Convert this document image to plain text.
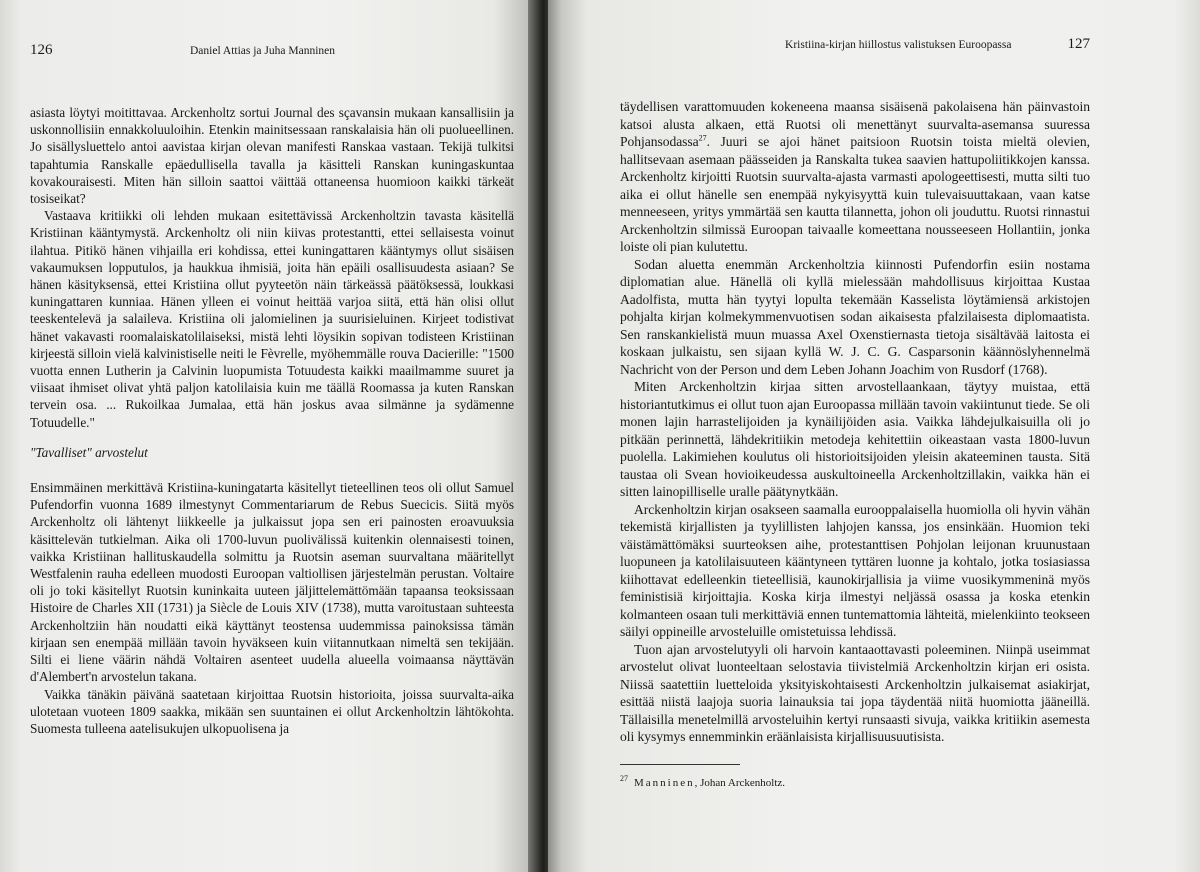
126	Daniel Attias ja Juha Manninen

asiasta löytyi moitittavaa. Arckenholtz sortui Journal des sçavansin mukaan kansallisiin ja uskonnollisiin ennakkoluuloihin. Etenkin mainitsessaan ranskalaisia hän oli puolueellinen. Jo sisällysluettelo antoi aavistaa kirjan olevan manifesti Ranskaa vastaan. Tekijä tulkitsi tapahtumia Ranskalle epäedullisella tavalla ja käsitteli Ranskan kuningaskuntaa kovakouraisesti. Miten hän silloin saattoi väittää ottaneensa huomioon kaikki tärkeät tosiseikat?

Vastaava kritiikki oli lehden mukaan esitettävissä Arckenholtzin tavasta käsitellä Kristiinan kääntymystä. Arckenholtz oli niin kiivas protestantti, ettei sellaisesta voinut ilahtua. Pitikö hänen vihjailla eri kohdissa, ettei kuningattaren kääntymys ollut sisäisen vakaumuksen lopputulos, ja haukkua ihmisiä, joita hän epäili osallisuudesta asiaan? Se hänen käsityksensä, ettei Kristiina ollut pyyteetön näin tärkeässä päätöksessä, loukkasi kuningattaren kunniaa. Hänen ylleen ei voinut heittää varjoa siitä, että hän olisi ollut teeskentelevä ja salaileva. Kristiina oli jalomielinen ja suurisieluinen. Kirjeet todistivat hänet vakavasti roomalaiskatolilaiseksi, mistä lehti löysikin sopivan todisteen Kristiinan kirjeestä silloin vielä kalvinistiselle neiti le Fèvrelle, myöhemmälle rouva Dacierille: "1500 vuotta ennen Lutherin ja Calvinin luopumista Totuudesta kaikki maailmamme suuret ja viisaat ihmiset olivat yhtä paljon katolilaisia kuin me täällä Roomassa ja kuten Ranskan tervein osa. ... Rukoilkaa Jumalaa, että hän joskus avaa silmänne ja sydämenne Totuudelle."

"Tavalliset" arvostelut

Ensimmäinen merkittävä Kristiina-kuningatarta käsitellyt tieteellinen teos oli ollut Samuel Pufendorfin vuonna 1689 ilmestynyt Commentariarum de Rebus Suecicis. Siitä myös Arckenholtz oli lähtenyt liikkeelle ja julkaissut jopa sen eri painosten eroavuuksia käsittelevän tutkielman. Aika oli 1700-luvun puolivälissä kuitenkin olennaisesti toinen, vaikka Kristiinan hallituskaudella solmittu ja Ruotsin aseman suurvaltana määritellyt Westfalenin rauha edelleen muodosti Euroopan valtiollisen järjestelmän perustan. Voltaire oli jo toki käsitellyt Ruotsin kuninkaita uuteen jäljittelemättömään tapaansa teoksissaan Histoire de Charles XII (1731) ja Siècle de Louis XIV (1738), mutta varoitustaan suhteesta Arckenholtziin hän noudatti eikä käyttänyt teostensa uudemmissa painoksissa tämän kirjaan sen enempää millään tavoin hyväkseen kuin viitannutkaan nimeltä sen tekijään. Silti ei liene väärin nähdä Voltairen asenteet uudella alueella voimaansa näyttävän d'Alembert'n arvostelun takana.

Vaikka tänäkin päivänä saatetaan kirjoittaa Ruotsin historioita, joissa suurvalta-aika ulotetaan vuoteen 1809 saakka, mikään sen suuntainen ei ollut Arckenholtzin lähtökohta. Suomesta tulleena aatelisukujen ulkopuolisena ja

Kristiina-kirjan hiillostus valistuksen Euroopassa	127

täydellisen varattomuuden kokeneena maansa sisäisenä pakolaisena hän päinvastoin katsoi alusta alkaen, että Ruotsi oli menettänyt suurvalta-asemansa suuressa Pohjansodassa$^{27}$. Juuri se ajoi hänet paitsioon Ruotsin toista mieltä olevien, hallitsevaan asemaan päässeiden ja Ranskalta tukea saavien hattupoliitikkojen kanssa. Arckenholtz kirjoitti Ruotsin suurvalta-ajasta varmasti apologeettisesti, mutta silti tuo aika ei ollut hänelle sen enempää nykyisyyttä kuin tulevaisuuttakaan, vaan katse menneeseen, yritys ymmärtää sen kautta tilannetta, johon oli jouduttu. Ruotsi rinnastui Arckenholtzin silmissä Euroopan taivaalle komeettana nousseeseen Hollantiin, jonka loiste oli pian kulutettu.

Sodan aluetta enemmän Arckenholtzia kiinnosti Pufendorfin esiin nostama diplomatian alue. Hänellä oli kyllä mielessään mahdollisuus kirjoittaa Kustaa Aadolfista, mutta hän tyytyi lopulta tekemään Kasselista löytämiensä arkistojen pohjalta kirjan kolmekymmenvuotisen sodan aikaisesta pfalzilaisesta diplomaatista. Sen ranskankielistä muun muassa Axel Oxenstiernasta tietoja sisältävää laitosta ei koskaan julkaistu, sen sijaan kyllä W. J. C. G. Casparsonin käännöslyhennelmä Nachricht von der Person und dem Leben Johann Joachim von Rusdorf (1768).

Miten Arckenholtzin kirjaa sitten arvostellaankaan, täytyy muistaa, että historiantutkimus ei ollut tuon ajan Euroopassa millään tavoin vakiintunut tiede. Se oli monen lajin harrastelijoiden ja kynäilijöiden asia. Vaikka lähdejulkaisuilla oli jo pitkään perinnettä, lähdekritiikin metodeja kehitettiin oikeastaan vasta 1800-luvun puolella. Lakimiehen koulutus oli historioitsijoiden yleisin akateeminen tausta. Sitä taustaa oli Svean hovioikeudessa auskultoineella Arckenholtzillakin, vaikka hän ei sitten lainopilliselle uralle päätynytkään.

Arckenholtzin kirjan osakseen saamalla eurooppalaisella huomiolla oli hyvin vähän tekemistä kirjallisten ja tyylillisten lahjojen kanssa, jos ensinkään. Huomion teki väistämättömäksi suurteoksen aihe, protestanttisen Pohjolan leijonan kruunustaan luopuneen ja katolilaisuuteen kääntyneen tyttären luonne ja kohtalo, jotka tosiasiassa kiihottavat edelleenkin tieteellisiä, kaunokirjallisia ja viime vuosikymmeninä myös feministisiä kirjoittajia. Koska kirja ilmestyi neljässä osassa ja koska etenkin kolmanteen osaan tuli merkittäviä ennen tuntemattomia lähteitä, mielenkiinto teokseen säilyi oppineille arvosteluille omistetuissa lehdissä.

Tuon ajan arvostelutyyli oli harvoin kantaaottavasti poleeminen. Niinpä useimmat arvostelut olivat luonteeltaan selostavia tiivistelmiä Arckenholtzin kirjan eri osista. Niissä saatettiin luetteloida yksityiskohtaisesti Arckenholtzin julkaisemat asiakirjat, esittää niistä laajoja suoria lainauksia tai jopa täydentää niitä huomiotta jääneillä. Tällaisilla menetelmillä arvosteluihin kertyi runsaasti sivuja, vaikka kritiikin asemesta oli kysymys ennemminkin eräänlaisista kirjallisuusuutisista.

$^{27}$ Manninen, Johan Arckenholtz.
